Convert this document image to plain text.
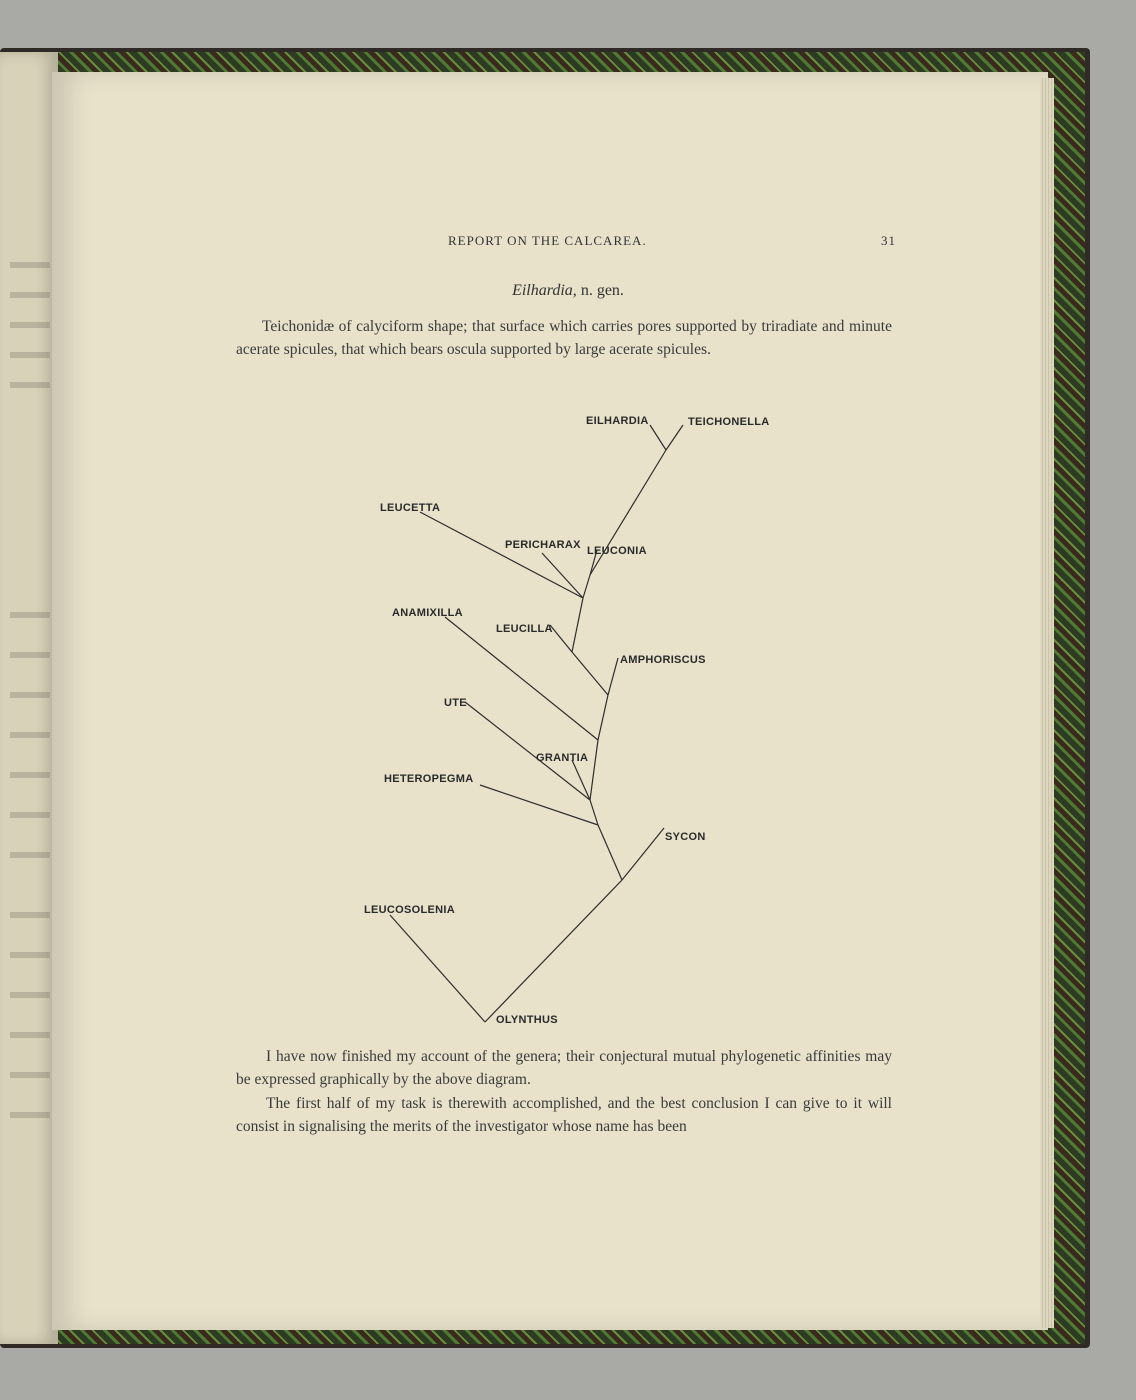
REPORT ON THE CALCAREA.	31
Eilhardia, n. gen.
Teichonidæ of calyciform shape; that surface which carries pores supported by triradiate and minute acerate spicules, that which bears oscula supported by large acerate spicules.
EILHARDIA	TEICHONELLA
LEUCETTA
PERICHARAX LEUCONIA
ANAMIXILLA
LEUCILLA
AMPHORISCUS
UTE
GRANTIA
HETEROPEGMA
SYCON
LEUCOSOLENIA
OLYNTHUS
I have now finished my account of the genera; their conjectural mutual phylogenetic affinities may be expressed graphically by the above diagram.
The first half of my task is therewith accomplished, and the best conclusion I can give to it will consist in signalising the merits of the investigator whose name has been
